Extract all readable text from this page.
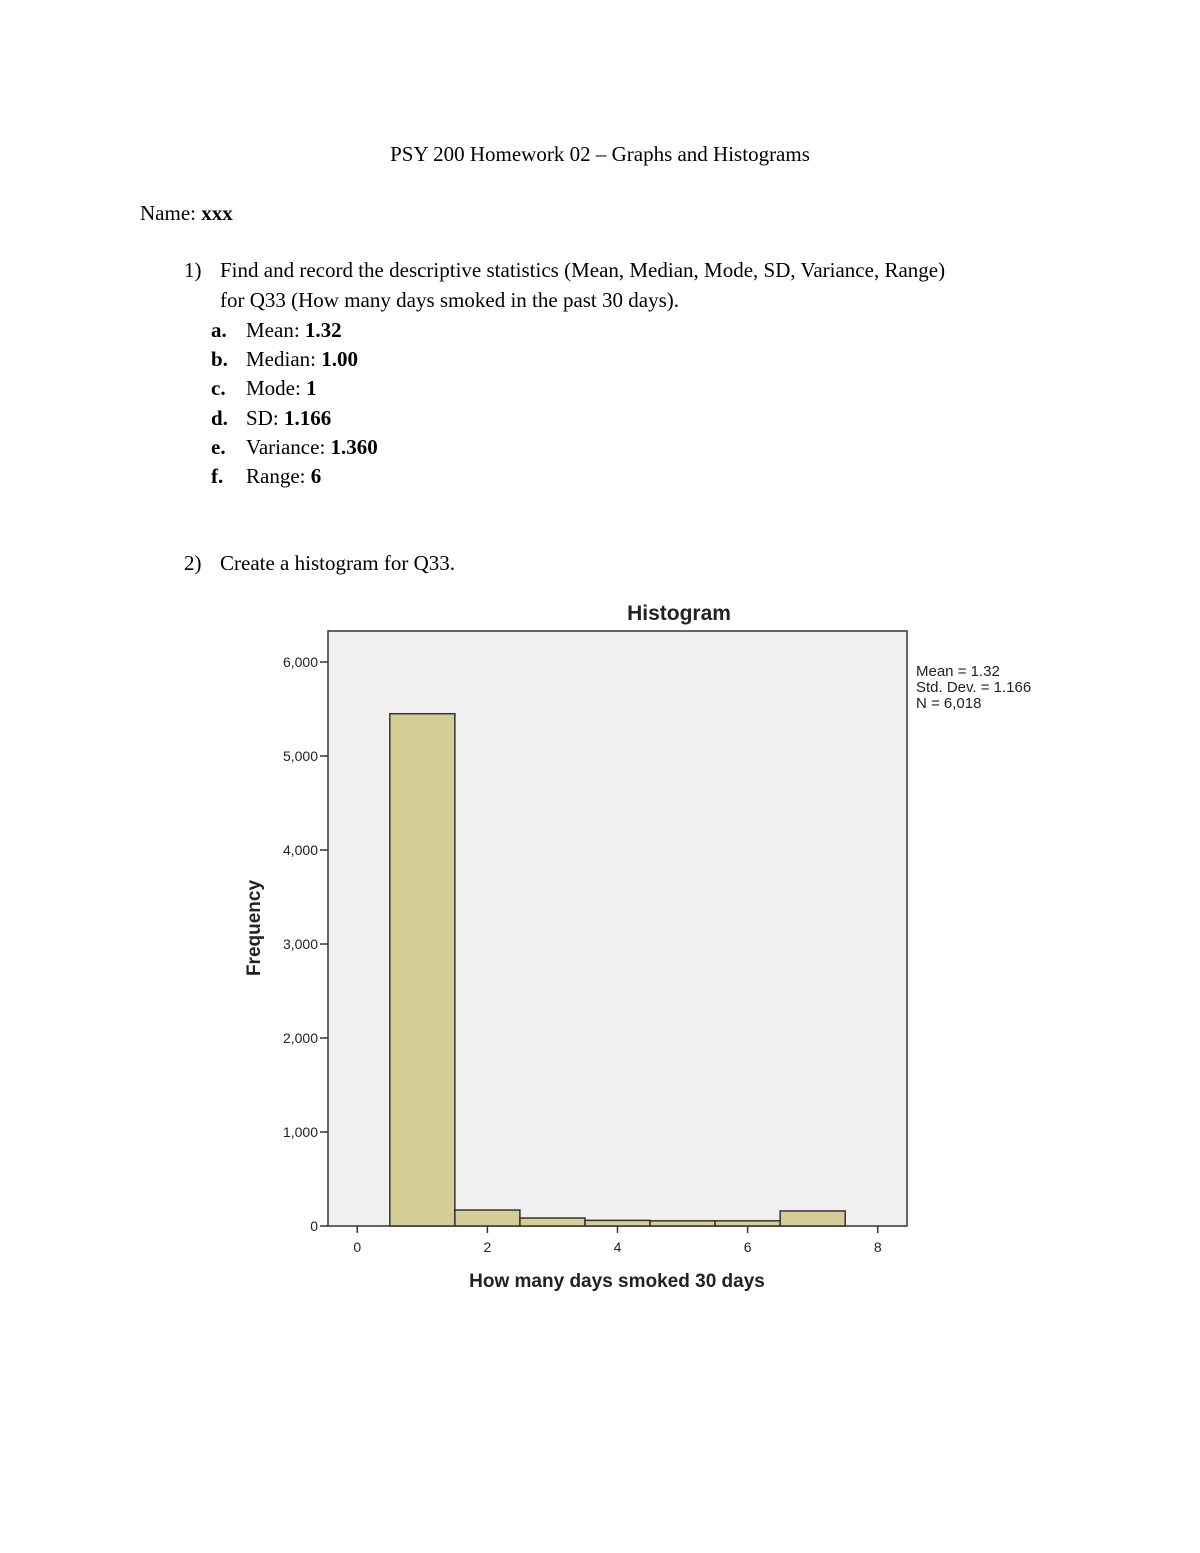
PSY 200 Homework 02 – Graphs and Histograms
Name: xxx
1) Find and record the descriptive statistics (Mean, Median, Mode, SD, Variance, Range)
for Q33 (How many days smoked in the past 30 days).
a. Mean: 1.32
b. Median: 1.00
c. Mode: 1
d. SD: 1.166
e. Variance: 1.360
f. Range: 6
2) Create a histogram for Q33.
Histogram
0
1,000
2,000
3,000
4,000
5,000
6,000
0	2	4	6	8
How many days smoked 30 days
Frequency
Mean = 1.32
Std. Dev. = 1.166
N = 6,018
